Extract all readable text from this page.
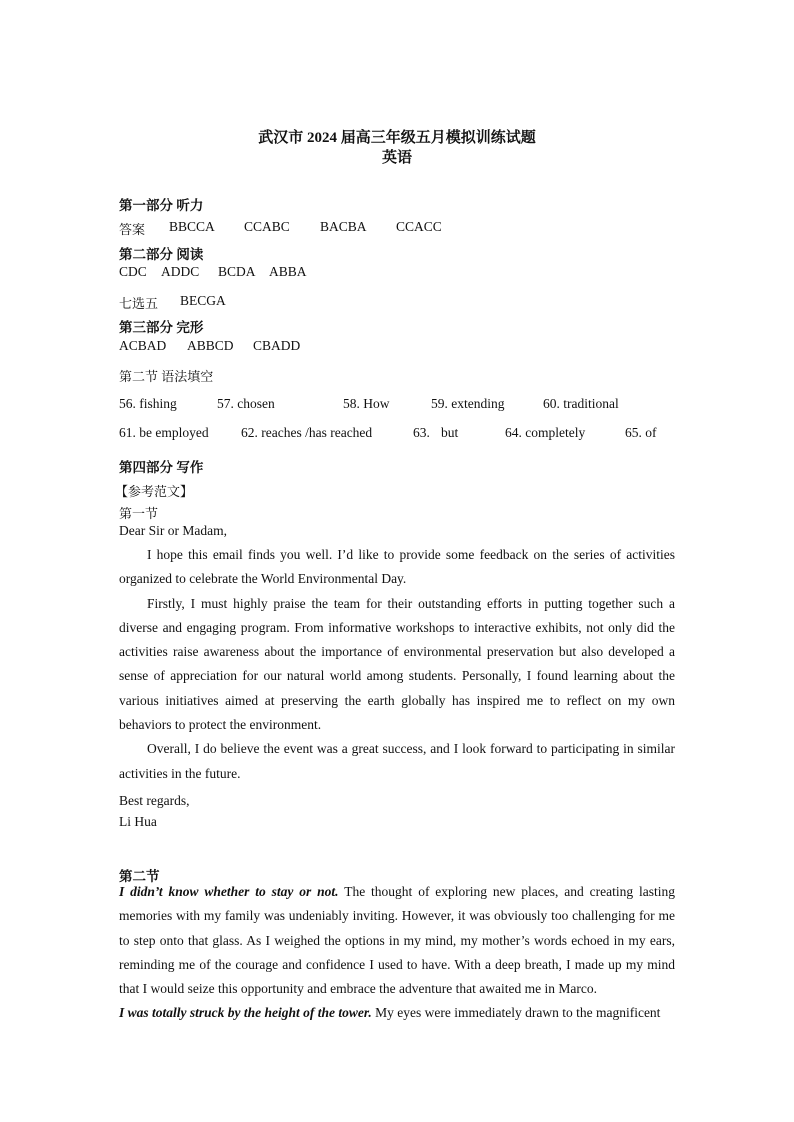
武汉市 2024 届高三年级五月模拟训练试题
英语
第一部分 听力
答案 BBCCA CCABC BACBA CCACC
第二部分 阅读
CDC ADDC BCDA ABBA
七选五 BECGA
第三部分 完形
ACBAD ABBCD CBADD
第二节 语法填空
56. fishing	57. chosen	58. How	59. extending	60. traditional
61. be employed 62. reaches /has reached	63. but	64. completely	65. of
第四部分 写作
【参考范文】
第一节
Dear Sir or Madam,

I hope this email finds you well. I’d like to provide some feedback on the series of activities organized to celebrate the World Environmental Day.

Firstly, I must highly praise the team for their outstanding efforts in putting together such a diverse and engaging program. From informative workshops to interactive exhibits, not only did the activities raise awareness about the importance of environmental preservation but also developed a sense of appreciation for our natural world among students. Personally, I found learning about the various initiatives aimed at preserving the earth globally has inspired me to reflect on my own behaviors to protect the environment.

Overall, I do believe the event was a great success, and I look forward to participating in similar activities in the future.

Best regards,
Li Hua
第二节

I didn’t know whether to stay or not. The thought of exploring new places, and creating lasting memories with my family was undeniably inviting. However, it was obviously too challenging for me to step onto that glass. As I weighed the options in my mind, my mother’s words echoed in my ears, reminding me of the courage and confidence I used to have. With a deep breath, I made up my mind that I would seize this opportunity and embrace the adventure that awaited me in Marco.

I was totally struck by the height of the tower. My eyes were immediately drawn to the magnificent
